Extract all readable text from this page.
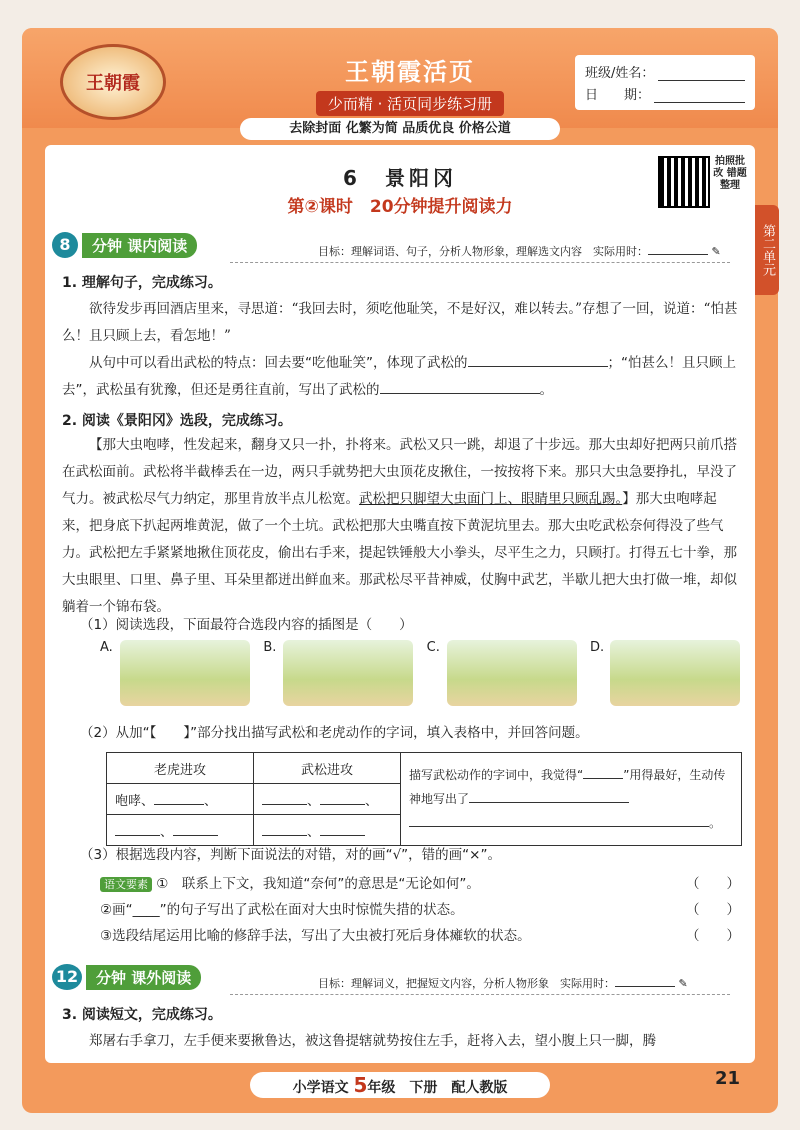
王朝霞	王朝霞活页
少而精 · 活页同步练习册
班级/姓名：
日　　期：
去除封面 化繁为简 品质优良 价格公道
第二单元
6　景阳冈
第②课时　20分钟提升阅读力
拍照批改 错题整理
8	分钟 课内阅读	目标：理解词语、句子，分析人物形象，理解选文内容　实际用时：	✎
1. 理解句子，完成练习。
欲待发步再回酒店里来，寻思道：“我回去时，须吃他耻笑，不是好汉，难以转去。”存想了一回，说道：“怕甚么！且只顾上去，看怎地！”
从句中可以看出武松的特点：回去要“吃他耻笑”，体现了武松的	；“怕甚么！且只顾上去”，武松虽有犹豫，但还是勇往直前，写出了武松的	。
2. 阅读《景阳冈》选段，完成练习。
【那大虫咆哮，性发起来，翻身又只一扑，扑将来。武松又只一跳，却退了十步远。那大虫却好把两只前爪搭在武松面前。武松将半截棒丢在一边，两只手就势把大虫顶花皮揪住，一按按将下来。那只大虫急要挣扎，早没了气力。被武松尽气力纳定，那里肯放半点儿松宽。武松把只脚望大虫面门上、眼睛里只顾乱踢。】那大虫咆哮起来，把身底下扒起两堆黄泥，做了一个土坑。武松把那大虫嘴直按下黄泥坑里去。那大虫吃武松奈何得没了些气力。武松把左手紧紧地揪住顶花皮，偷出右手来，提起铁锤般大小拳头，尽平生之力，只顾打。打得五七十拳，那大虫眼里、口里、鼻子里、耳朵里都迸出鲜血来。那武松尽平昔神威，仗胸中武艺，半歇儿把大虫打做一堆，却似躺着一个锦布袋。
（1）阅读选段，下面最符合选段内容的插图是（　　）
A.	B.	C.	D.
（2）从加“【　　】”部分找出描写武松和老虎动作的字词，填入表格中，并回答问题。
老虎进攻	武松进攻	描写武松动作的字词中，我觉得“ ”用得最好，生动传神地写出了
。
咆哮、 、	、 、	
、	、	
（3）根据选段内容，判断下面说法的对错，对的画“√”，错的画“×”。
语文要素 ①　联系上下文，我知道“奈何”的意思是“无论如何”。	（　　）
②画“____”的句子写出了武松在面对大虫时惊慌失措的状态。	（　　）
③选段结尾运用比喻的修辞手法，写出了大虫被打死后身体瘫软的状态。	（　　）
12	分钟 课外阅读	目标：理解词义，把握短文内容，分析人物形象　实际用时：	✎
3. 阅读短文，完成练习。
郑屠右手拿刀，左手便来要揪鲁达，被这鲁提辖就势按住左手，赶将入去，望小腹上只一脚，腾
小学语文 5年级　下册　配人教版	21
